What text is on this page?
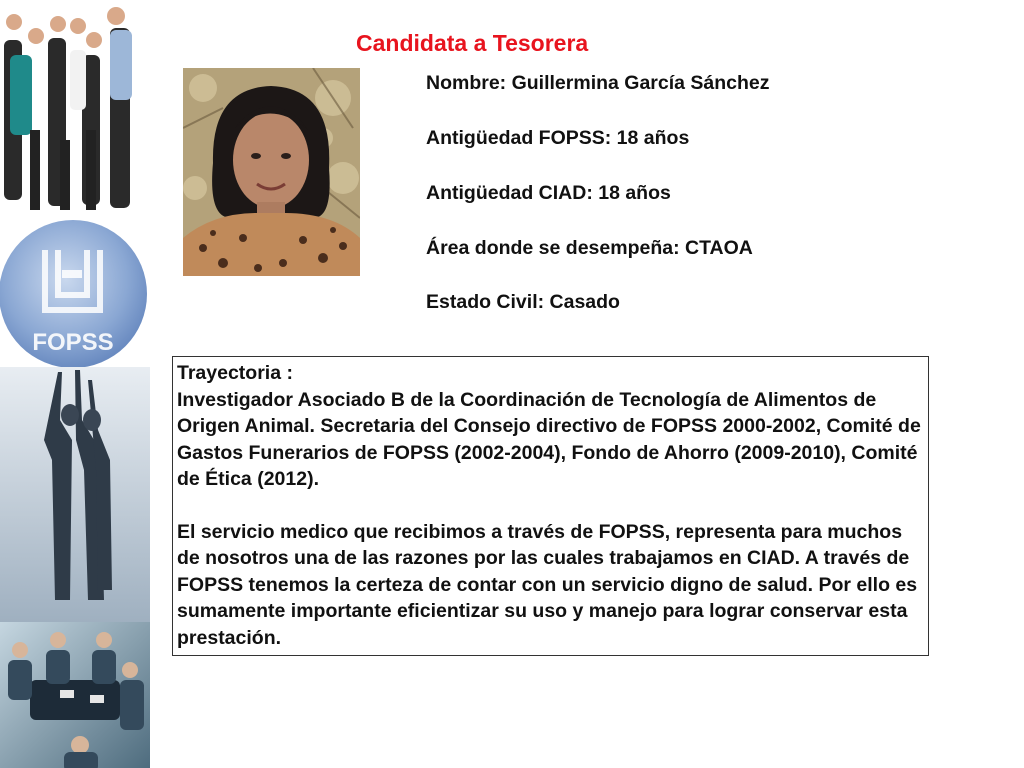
FOPSS
Candidata a Tesorera
Nombre: Guillermina García Sánchez
Antigüedad FOPSS: 18 años
Antigüedad CIAD: 18 años
Área donde se desempeña: CTAOA
Estado Civil: Casado

Trayectoria :

Investigador Asociado B de la Coordinación de Tecnología de Alimentos de Origen Animal. Secretaria del Consejo directivo de FOPSS 2000-2002, Comité de Gastos Funerarios de FOPSS (2002-2004), Fondo de Ahorro (2009-2010), Comité de Ética (2012).

El servicio medico que recibimos a través de FOPSS, representa para muchos de nosotros una de las razones por las cuales trabajamos en CIAD. A través de FOPSS tenemos la certeza de contar con un servicio digno de salud. Por ello es sumamente importante eficientizar su uso y manejo para lograr conservar esta prestación.
